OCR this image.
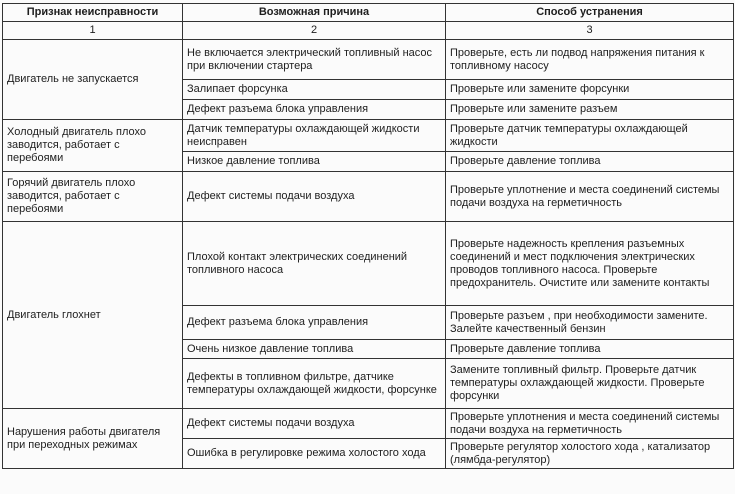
Признак неисправности	Возможная причина	Способ устранения
1	2	3
Двигатель не запускается	Не включается электрический топливный насос при включении стартера	Проверьте, есть ли подвод напряжения питания к топливному насосу
	Залипает форсунка	Проверьте или замените форсунки
	Дефект разъема блока управления	Проверьте или замените разъем
Холодный двигатель плохо заводится, работает с перебоями	Датчик температуры охлаждающей жидкости неисправен	Проверьте датчик температуры охлаждающей жидкости
	Низкое давление топлива	Проверьте давление топлива
Горячий двигатель плохо заводится, работает с перебоями	Дефект системы подачи воздуха	Проверьте уплотнение и места соединений системы подачи воздуха на герметичность
Двигатель глохнет	Плохой контакт электрических соединений топливного насоса	Проверьте надежность крепления разъемных соединений и мест подключения электрических проводов топливного насоса. Проверьте предохранитель. Очистите или замените контакты
	Дефект разъема блока управления	Проверьте разъем , при необходимости замените. Залейте качественный бензин
	Очень низкое давление топлива	Проверьте давление топлива
	Дефекты в топливном фильтре, датчике температуры охлаждающей жидкости, форсунке	Замените топливный фильтр. Проверьте датчик температуры охлаждающей жидкости. Проверьте форсунки
Нарушения работы двигателя при переходных режимах	Дефект системы подачи воздуха	Проверьте уплотнения и места соединений системы подачи воздуха на герметичность
	Ошибка в регулировке режима холостого хода	Проверьте регулятор холостого хода , катализатор (лямбда-регулятор)
